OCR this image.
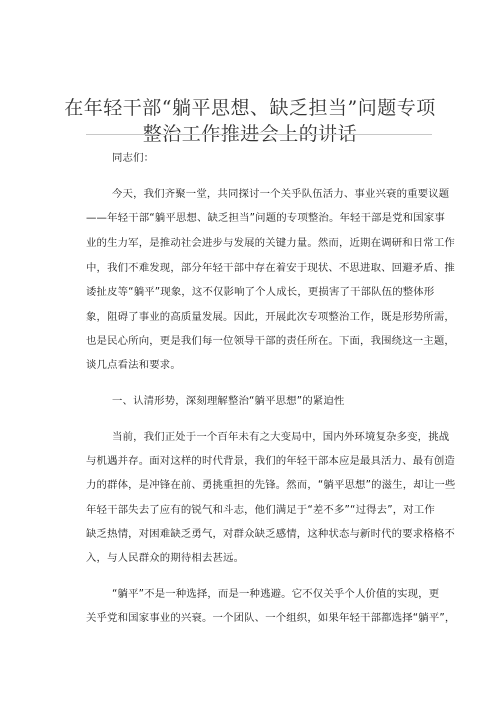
在年轻干部“躺平思想、缺乏担当”问题专项
整治工作推进会上的讲话
同志们：
今天，我们齐聚一堂，共同探讨一个关乎队伍活力、事业兴衰的重要议题
——年轻干部“躺平思想、缺乏担当”问题的专项整治。年轻干部是党和国家事
业的生力军，是推动社会进步与发展的关键力量。然而，近期在调研和日常工作
中，我们不难发现，部分年轻干部中存在着安于现状、不思进取、回避矛盾、推
诿扯皮等“躺平”现象，这不仅影响了个人成长，更损害了干部队伍的整体形
象，阻碍了事业的高质量发展。因此，开展此次专项整治工作，既是形势所需，
也是民心所向，更是我们每一位领导干部的责任所在。下面，我围绕这一主题，
谈几点看法和要求。
一、认清形势，深刻理解整治“躺平思想”的紧迫性
当前，我们正处于一个百年未有之大变局中，国内外环境复杂多变，挑战
与机遇并存。面对这样的时代背景，我们的年轻干部本应是最具活力、最有创造
力的群体，是冲锋在前、勇挑重担的先锋。然而，“躺平思想”的滋生，却让一些
年轻干部失去了应有的锐气和斗志，他们满足于“差不多”“过得去”，对工作
缺乏热情，对困难缺乏勇气，对群众缺乏感情，这种状态与新时代的要求格格不
入，与人民群众的期待相去甚远。
“躺平”不是一种选择，而是一种逃避。它不仅关乎个人价值的实现，更
关乎党和国家事业的兴衰。一个团队、一个组织，如果年轻干部都选择“躺平”，
